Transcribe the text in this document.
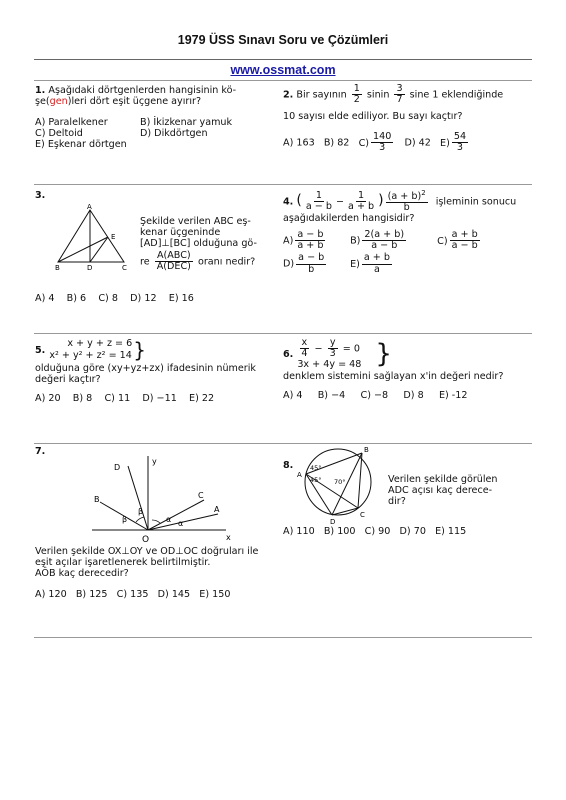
1979 ÜSS Sınavı Soru ve Çözümleri
www.ossmat.com
1. Aşağıdaki dörtgenlerden hangisinin kö-
şe(gen)leri dört eşit üçgene ayırır?
A) Paralelkener	B) İkizkenar yamuk
C) Deltoid	D) Dikdörtgen
E) Eşkenar dörtgen
2. Bir sayının $\frac{1}{2}$ sinin $\frac{3}{7}$ sine 1 eklendiğinde
10 sayısı elde ediliyor. Bu sayı kaçtır?
A) 163 B) 82 $C) \frac{140}{3} D$) 42 $E) \frac{54}{3}$
3.
A
E
B	D	C
Şekilde verilen ABC eş-
kenar üçgeninde
[AD]⊥[BC] olduğuna gö-
re $\frac{\text{A(ABC)}}{\text{A(DEC)}}$ oranı nedir?
A) 4 B) 6 C) 8 D) 12 E) 16
4. ( $\frac{1}{a - b} - \frac{1}{a + b}$ ) $\frac{(a + b)^2}{b}$ işleminin sonucu
aşağıdakilerden hangisidir?
$A) \frac{a - b}{a + b}$	$B) \frac{2(a + b)}{a - b}$	$C) \frac{a + b}{a - b}$
$D) \frac{a - b}{b} E) \frac{a + b}{a}$
5.
x + y + z = 6
x² + y² + z² = 14 }
olduğuna göre (xy+yz+zx) ifadesinin nümerik
değeri kaçtır?
A) 20 B) 8 C) 11 D) −11 E) 22
6. $\frac{x}{4} - \frac{y}{3} = 0$
3x + 4y = 48 }
denklem sistemini sağlayan x'in değeri nedir?
A) 4 B) −4 C) −8 D) 8 E) -12
7.
D
y
B	C
A
x
O
β
β
α α
Verilen şekilde OX⊥OY ve OD⊥OC doğruları ile
eşit açılar işaretlenerek belirtilmiştir.
AÔB kaç derecedir?
A) 120 B) 125 C) 135 D) 145 E) 150
8.
A
B
C
D
45°
45° 70°	Verilen şekilde görülen
ADC açısı kaç derece-
dir?
A) 110 B) 100 C) 90 D) 70 E) 115
